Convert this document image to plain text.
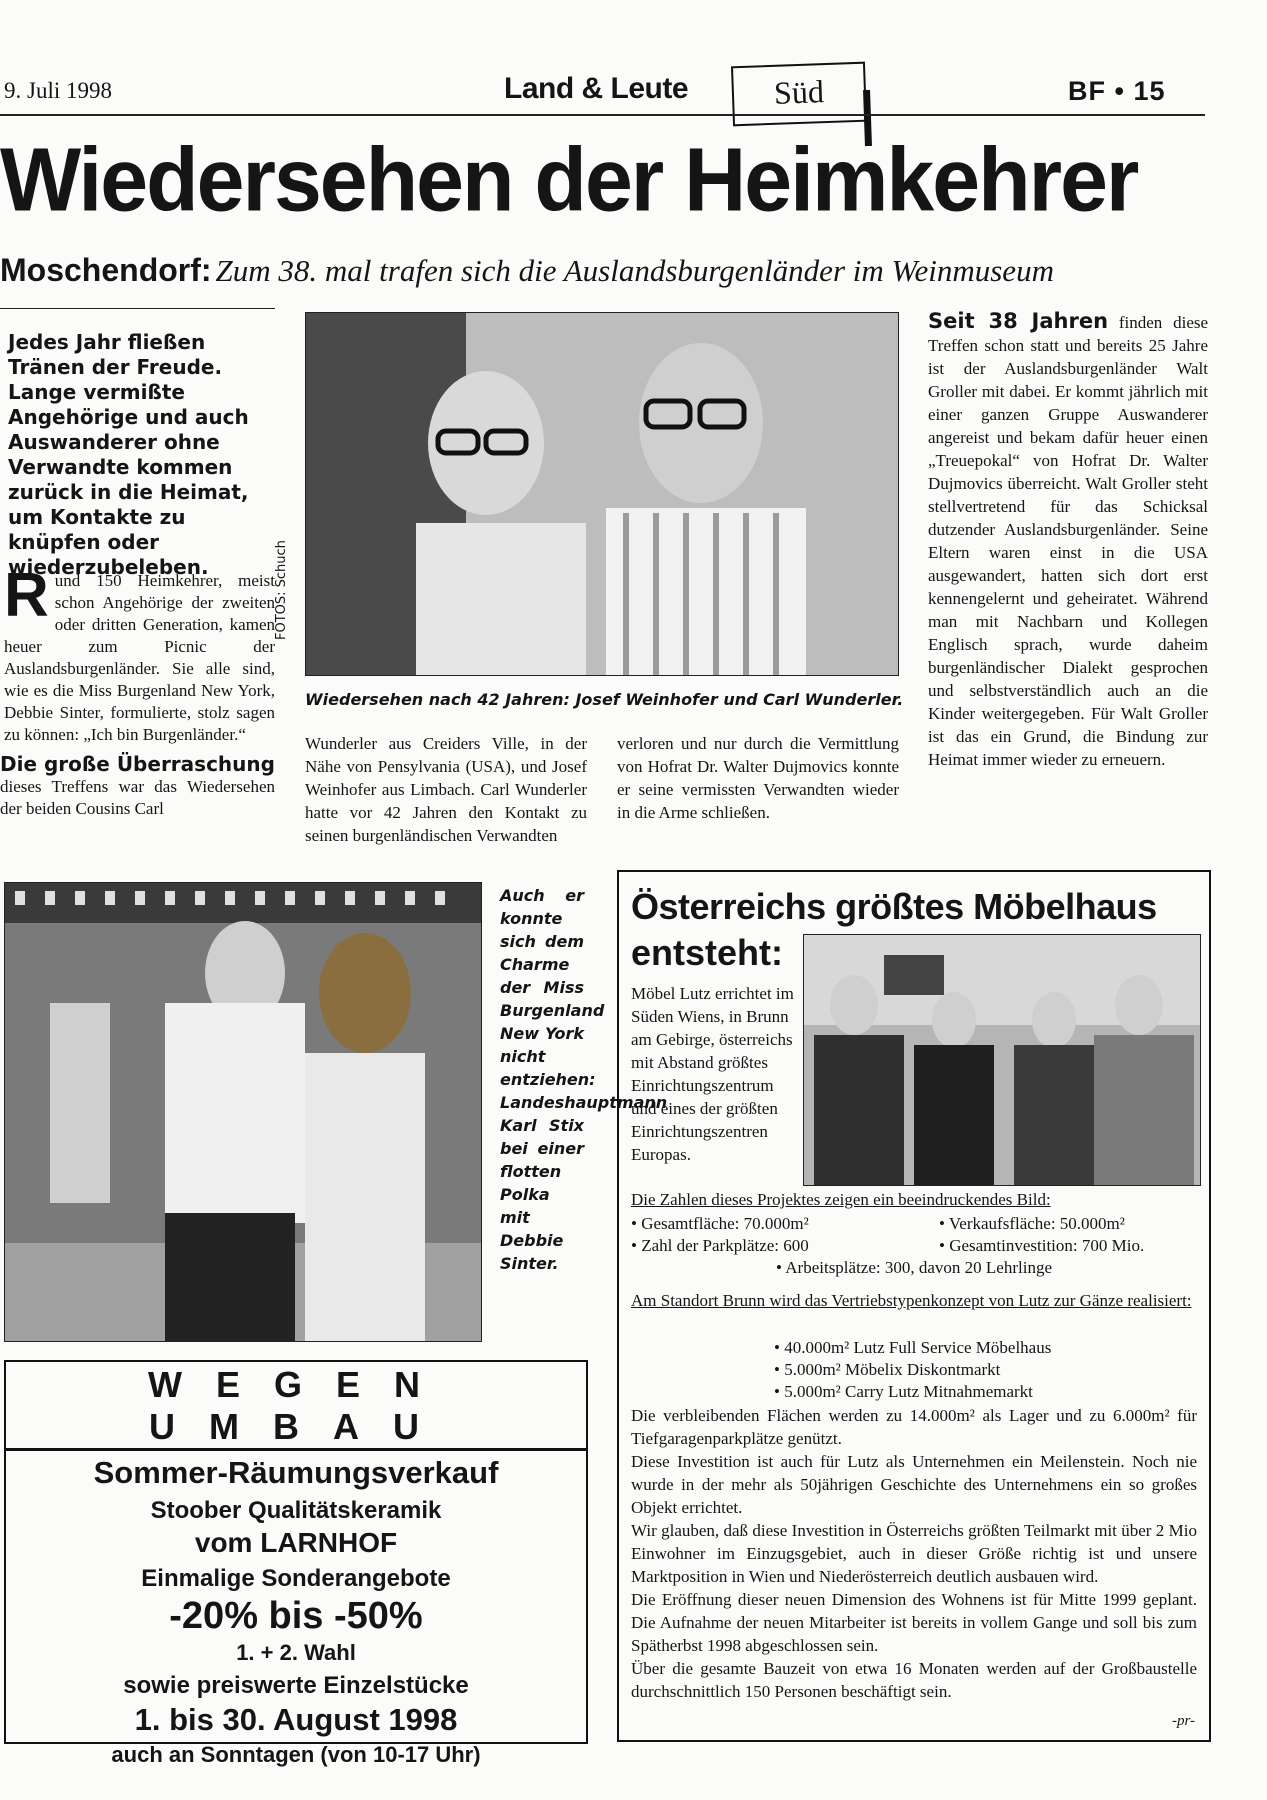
9. Juli 1998	Land & Leute	Süd	BF • 15
Wiedersehen der Heimkehrer
Moschendorf: Zum 38. mal trafen sich die Auslandsburgenländer im Weinmuseum

Jedes Jahr fließen Tränen der Freude. Lange vermißte Angehörige und auch Auswanderer ohne Verwandte kommen zurück in die Heimat, um Kontakte zu knüpfen oder wiederzubeleben.

R und 150 Heimkehrer, meist schon Angehörige der zweiten oder dritten Generation, kamen heuer zum Picnic der Auslandsburgenländer. Sie alle sind, wie es die Miss Burgenland New York, Debbie Sinter, formulierte, stolz sagen zu können: „Ich bin Burgenländer.“

Die große Überraschung

dieses Treffens war das Wiedersehen der beiden Cousins Carl

FOTOS: Schuch

Wiedersehen nach 42 Jahren: Josef Weinhofer und Carl Wunderler.

Wunderler aus Creiders Ville, in der Nähe von Pensylvania (USA), und Josef Weinhofer aus Limbach. Carl Wunderler hatte vor 42 Jahren den Kontakt zu seinen burgenländischen Verwandten

verloren und nur durch die Vermittlung von Hofrat Dr. Walter Dujmovics konnte er seine vermissten Verwandten wieder in die Arme schließen.

Seit 38 Jahren finden diese Treffen schon statt und bereits 25 Jahre ist der Auslandsburgenländer Walt Groller mit dabei. Er kommt jährlich mit einer ganzen Gruppe Auswanderer angereist und bekam dafür heuer einen „Treuepokal“ von Hofrat Dr. Walter Dujmovics überreicht. Walt Groller steht stellvertretend für das Schicksal dutzender Auslandsburgenländer. Seine Eltern waren einst in die USA ausgewandert, hatten sich dort erst kennengelernt und geheiratet. Während man mit Nachbarn und Kollegen Englisch sprach, wurde daheim burgenländischer Dialekt gesprochen und selbstverständlich auch an die Kinder weitergegeben. Für Walt Groller ist das ein Grund, die Bindung zur Heimat immer wieder zu erneuern.

Auch er konnte sich dem Charme der Miss Burgenland New York nicht entziehen: Landeshauptmann Karl Stix bei einer flotten Polka mit Debbie Sinter.

WEGEN UMBAU
Sommer-Räumungsverkauf
Stoober Qualitätskeramik
vom LARNHOF
Einmalige Sonderangebote
-20% bis -50%
1. + 2. Wahl
sowie preiswerte Einzelstücke
1. bis 30. August 1998
auch an Sonntagen (von 10-17 Uhr)
Österreichs größtes Möbelhaus
entsteht:

Möbel Lutz errichtet im Süden Wiens, in Brunn am Gebirge, österreichs mit Abstand größtes Einrichtungszentrum und eines der größten Einrichtungszentren Europas.

Die Zahlen dieses Projektes zeigen ein beeindruckendes Bild:

• Gesamtfläche: 70.000m²	• Verkaufsfläche: 50.000m²
• Zahl der Parkplätze: 600	• Gesamtinvestition: 700 Mio.
• Arbeitsplätze: 300, davon 20 Lehrlinge

Am Standort Brunn wird das Vertriebstypenkonzept von Lutz zur Gänze realisiert:

• 40.000m² Lutz Full Service Möbelhaus
• 5.000m² Möbelix Diskontmarkt
• 5.000m² Carry Lutz Mitnahmemarkt

Die verbleibenden Flächen werden zu 14.000m² als Lager und zu 6.000m² für Tiefgaragenparkplätze genützt.

Diese Investition ist auch für Lutz als Unternehmen ein Meilenstein. Noch nie wurde in der mehr als 50jährigen Geschichte des Unternehmens ein so großes Objekt errichtet.

Wir glauben, daß diese Investition in Österreichs größten Teilmarkt mit über 2 Mio Einwohner im Einzugsgebiet, auch in dieser Größe richtig ist und unsere Marktposition in Wien und Niederösterreich deutlich ausbauen wird.

Die Eröffnung dieser neuen Dimension des Wohnens ist für Mitte 1999 geplant. Die Aufnahme der neuen Mitarbeiter ist bereits in vollem Gange und soll bis zum Spätherbst 1998 abgeschlossen sein.

Über die gesamte Bauzeit von etwa 16 Monaten werden auf der Großbaustelle durchschnittlich 150 Personen beschäftigt sein.

-pr-
